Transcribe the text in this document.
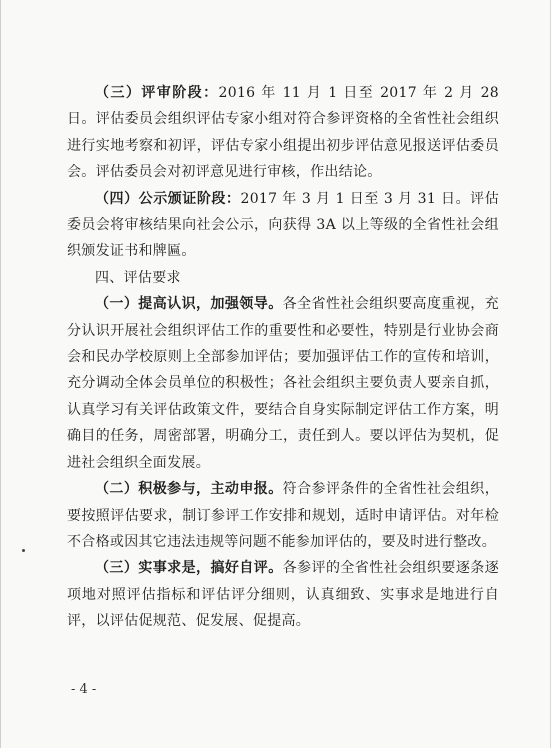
（三）评审阶段：2016 年 11 月 1 日至 2017 年 2 月 28 日。评估委员会组织评估专家小组对符合参评资格的全省性社会组织进行实地考察和初评，评估专家小组提出初步评估意见报送评估委员会。评估委员会对初评意见进行审核，作出结论。

（四）公示颁证阶段：2017 年 3 月 1 日至 3 月 31 日。评估委员会将审核结果向社会公示，向获得 3A 以上等级的全省性社会组织颁发证书和牌匾。

四、评估要求

（一）提高认识，加强领导。各全省性社会组织要高度重视，充分认识开展社会组织评估工作的重要性和必要性，特别是行业协会商会和民办学校原则上全部参加评估；要加强评估工作的宣传和培训，充分调动全体会员单位的积极性；各社会组织主要负责人要亲自抓，认真学习有关评估政策文件，要结合自身实际制定评估工作方案，明确目的任务，周密部署，明确分工，责任到人。要以评估为契机，促进社会组织全面发展。

（二）积极参与，主动申报。符合参评条件的全省性社会组织，要按照评估要求，制订参评工作安排和规划，适时申请评估。对年检不合格或因其它违法违规等问题不能参加评估的，要及时进行整改。

（三）实事求是，搞好自评。各参评的全省性社会组织要逐条逐项地对照评估指标和评估评分细则，认真细致、实事求是地进行自评，以评估促规范、促发展、促提高。

- 4 -
